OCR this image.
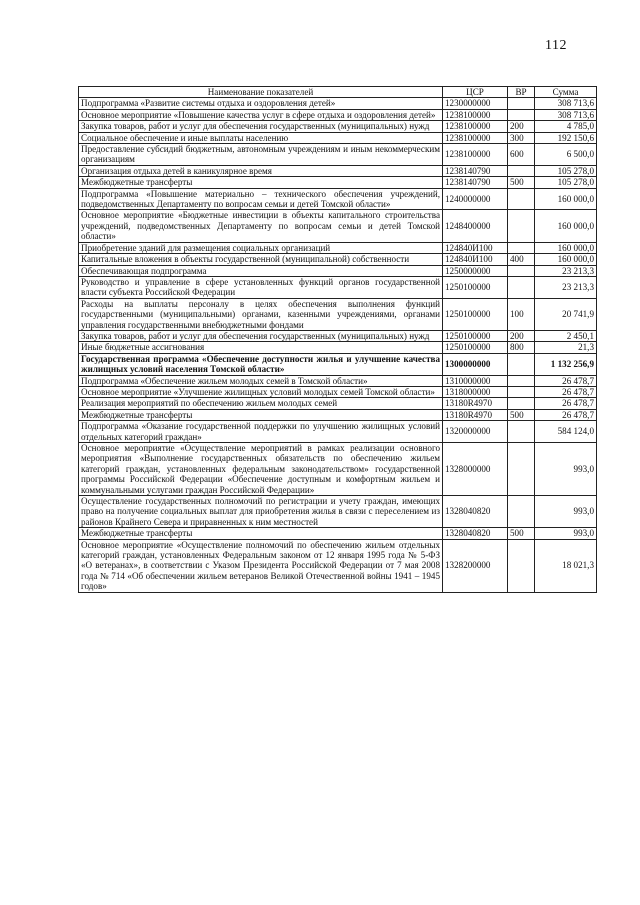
112
Наименование показателей	ЦСР	ВР	Сумма
Подпрограмма «Развитие системы отдыха и оздоровления детей»	1230000000		308 713,6
Основное мероприятие «Повышение качества услуг в сфере отдыха и оздоровления детей»	1238100000		308 713,6
Закупка товаров, работ и услуг для обеспечения государственных (муниципальных) нужд	1238100000	200	4 785,0
Социальное обеспечение и иные выплаты населению	1238100000	300	192 150,6
Предоставление субсидий бюджетным, автономным учреждениям и иным некоммерческим организациям	1238100000	600	6 500,0
Организация отдыха детей в каникулярное время	1238140790		105 278,0
Межбюджетные трансферты	1238140790	500	105 278,0
Подпрограмма «Повышение материально – технического обеспечения учреждений, подведомственных Департаменту по вопросам семьи и детей Томской области»	1240000000		160 000,0
Основное мероприятие «Бюджетные инвестиции в объекты капитального строительства учреждений, подведомственных Департаменту по вопросам семьи и детей Томской области»	1248400000		160 000,0
Приобретение зданий для размещения социальных организаций	124840И100		160 000,0
Капитальные вложения в объекты государственной (муниципальной) собственности	124840И100	400	160 000,0
Обеспечивающая подпрограмма	1250000000		23 213,3
Руководство и управление в сфере установленных функций органов государственной власти субъекта Российской Федерации	1250100000		23 213,3
Расходы на выплаты персоналу в целях обеспечения выполнения функций государственными (муниципальными) органами, казенными учреждениями, органами управления государственными внебюджетными фондами	1250100000	100	20 741,9
Закупка товаров, работ и услуг для обеспечения государственных (муниципальных) нужд	1250100000	200	2 450,1
Иные бюджетные ассигнования	1250100000	800	21,3
Государственная программа «Обеспечение доступности жилья и улучшение качества жилищных условий населения Томской области»	1300000000		1 132 256,9
Подпрограмма «Обеспечение жильем молодых семей в Томской области»	1310000000		26 478,7
Основное мероприятие «Улучшение жилищных условий молодых семей Томской области»	1318000000		26 478,7
Реализация мероприятий по обеспечению жильем молодых семей	13180R4970		26 478,7
Межбюджетные трансферты	13180R4970	500	26 478,7
Подпрограмма «Оказание государственной поддержки по улучшению жилищных условий отдельных категорий граждан»	1320000000		584 124,0
Основное мероприятие «Осуществление мероприятий в рамках реализации основного мероприятия «Выполнение государственных обязательств по обеспечению жильем категорий граждан, установленных федеральным законодательством» государственной программы Российской Федерации «Обеспечение доступным и комфортным жильем и коммунальными услугами граждан Российской Федерации»	1328000000		993,0
Осуществление государственных полномочий по регистрации и учету граждан, имеющих право на получение социальных выплат для приобретения жилья в связи с переселением из районов Крайнего Севера и приравненных к ним местностей	1328040820		993,0
Межбюджетные трансферты	1328040820	500	993,0
Основное мероприятие «Осуществление полномочий по обеспечению жильем отдельных категорий граждан, установленных Федеральным законом от 12 января 1995 года № 5-ФЗ «О ветеранах», в соответствии с Указом Президента Российской Федерации от 7 мая 2008 года № 714 «Об обеспечении жильем ветеранов Великой Отечественной войны 1941 – 1945 годов»	1328200000		18 021,3
